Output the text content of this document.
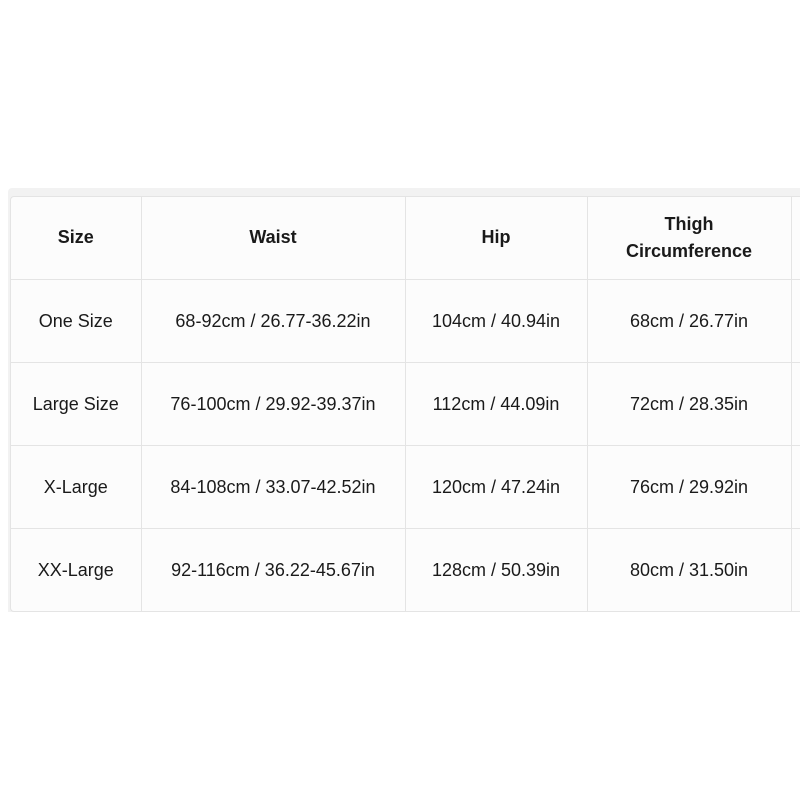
Size	Waist	Hip	Thigh
Circumference	
One Size	68-92cm / 26.77-36.22in	104cm / 40.94in	68cm / 26.77in	
Large Size	76-100cm / 29.92-39.37in	112cm / 44.09in	72cm / 28.35in	
X-Large	84-108cm / 33.07-42.52in	120cm / 47.24in	76cm / 29.92in	
XX-Large	92-116cm / 36.22-45.67in	128cm / 50.39in	80cm / 31.50in	
